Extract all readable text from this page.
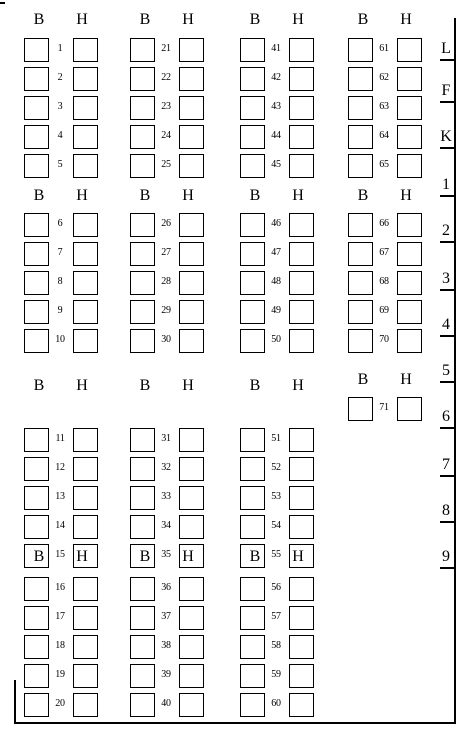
В Н
1
2
3
4
5
В Н
21
22
23
24
25
В Н
41
42
43
44
45
В Н
61
62
63
64
65
В Н
6
7
8
9
10
В Н
26
27
28
29
30
В Н
46
47
48
49
50
В Н
66
67
68
69
70
В Н
11
12
13
14
15
В Н
31
32
33
34
35
В Н
51
52
53
54
55
В Н
16
17
18
19
20
В Н
36
37
38
39
40
В Н
56
57
58
59
60
В Н
71
L
F
K
1
2
3
4
5
6
7
8
9
